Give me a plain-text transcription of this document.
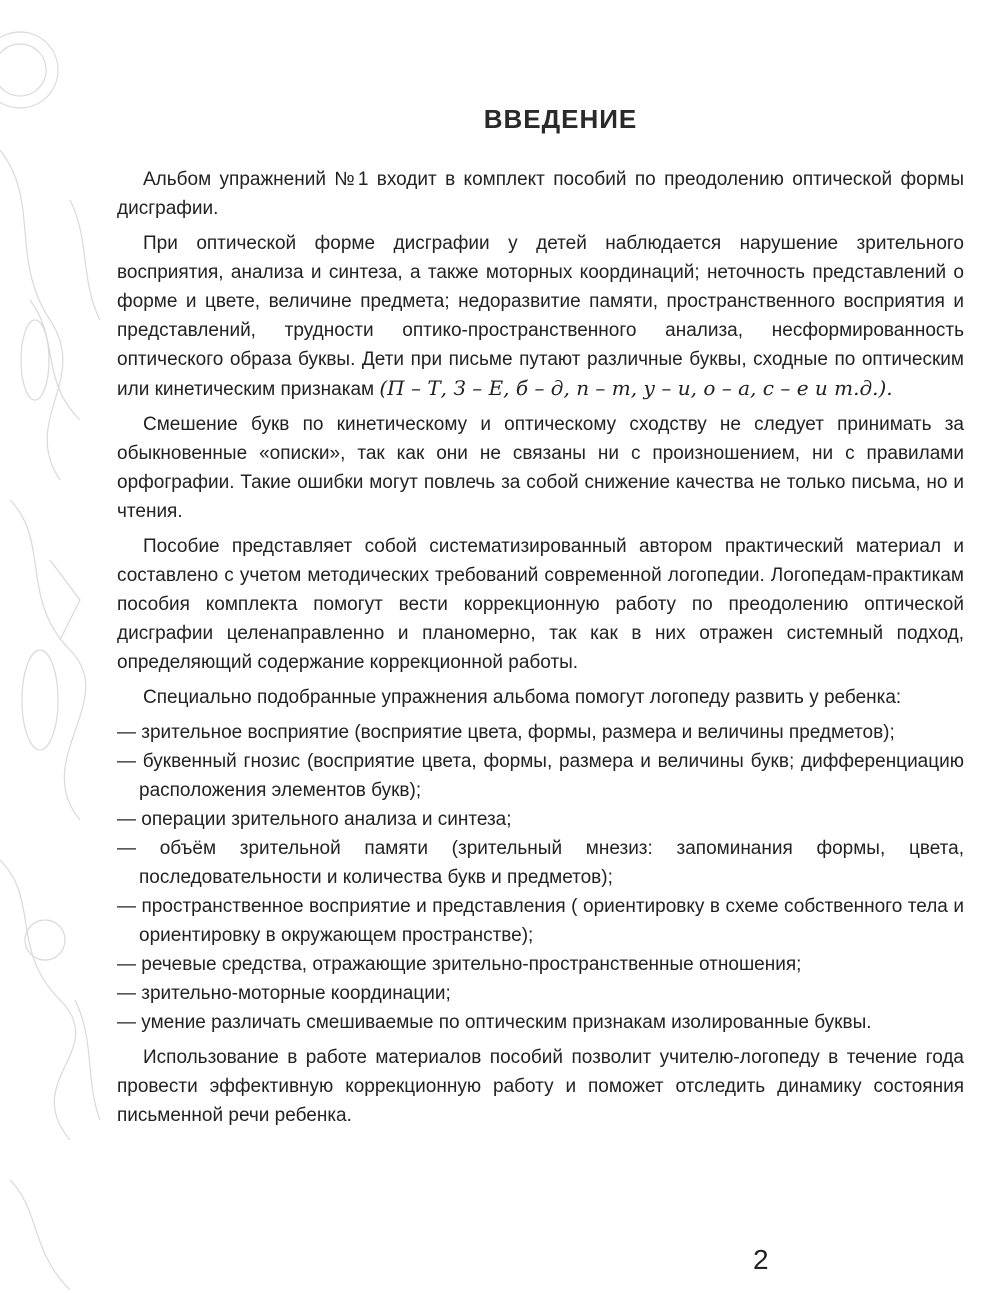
ВВЕДЕНИЕ

Альбом упражнений №1 входит в комплект пособий по преодолению оптической формы дисграфии.

При оптической форме дисграфии у детей наблюдается нарушение зрительного восприятия, анализа и синтеза, а также моторных координаций; неточность представлений о форме и цвете, величине предмета; недоразвитие памяти, пространственного восприятия и представлений, трудности оптико-пространственного анализа, несформированность оптического образа буквы. Дети при письме путают различные буквы, сходные по оптическим или кинетическим признакам (П – Т, З – Е, б – д, п – т, у – и, о – а, с – е и т.д.).

Смешение букв по кинетическому и оптическому сходству не следует принимать за обыкновенные «описки», так как они не связаны ни с произношением, ни с правилами орфографии. Такие ошибки могут повлечь за собой снижение качества не только письма, но и чтения.

Пособие представляет собой систематизированный автором практический материал и составлено с учетом методических требований современной логопедии. Логопедам-практикам пособия комплекта помогут вести коррекционную работу по преодолению оптической дисграфии целенаправленно и планомерно, так как в них отражен системный подход, определяющий содержание коррекционной работы.

Специально подобранные упражнения альбома помогут логопеду развить у ребенка:

— зрительное восприятие (восприятие цвета, формы, размера и величины предметов);
— буквенный гнозис (восприятие цвета, формы, размера и величины букв; дифференциацию расположения элементов букв);
— операции зрительного анализа и синтеза;
— объём зрительной памяти (зрительный мнезиз: запоминания формы, цвета, последовательности и количества букв и предметов);
— пространственное восприятие и представления ( ориентировку в схеме собственного тела и ориентировку в окружающем пространстве);
— речевые средства, отражающие зрительно-пространственные отношения;
— зрительно-моторные координации;
— умение различать смешиваемые по оптическим признакам изолированные буквы.

Использование в работе материалов пособий позволит учителю-логопеду в течение года провести эффективную коррекционную работу и поможет отследить динамику состояния письменной речи ребенка.

2
